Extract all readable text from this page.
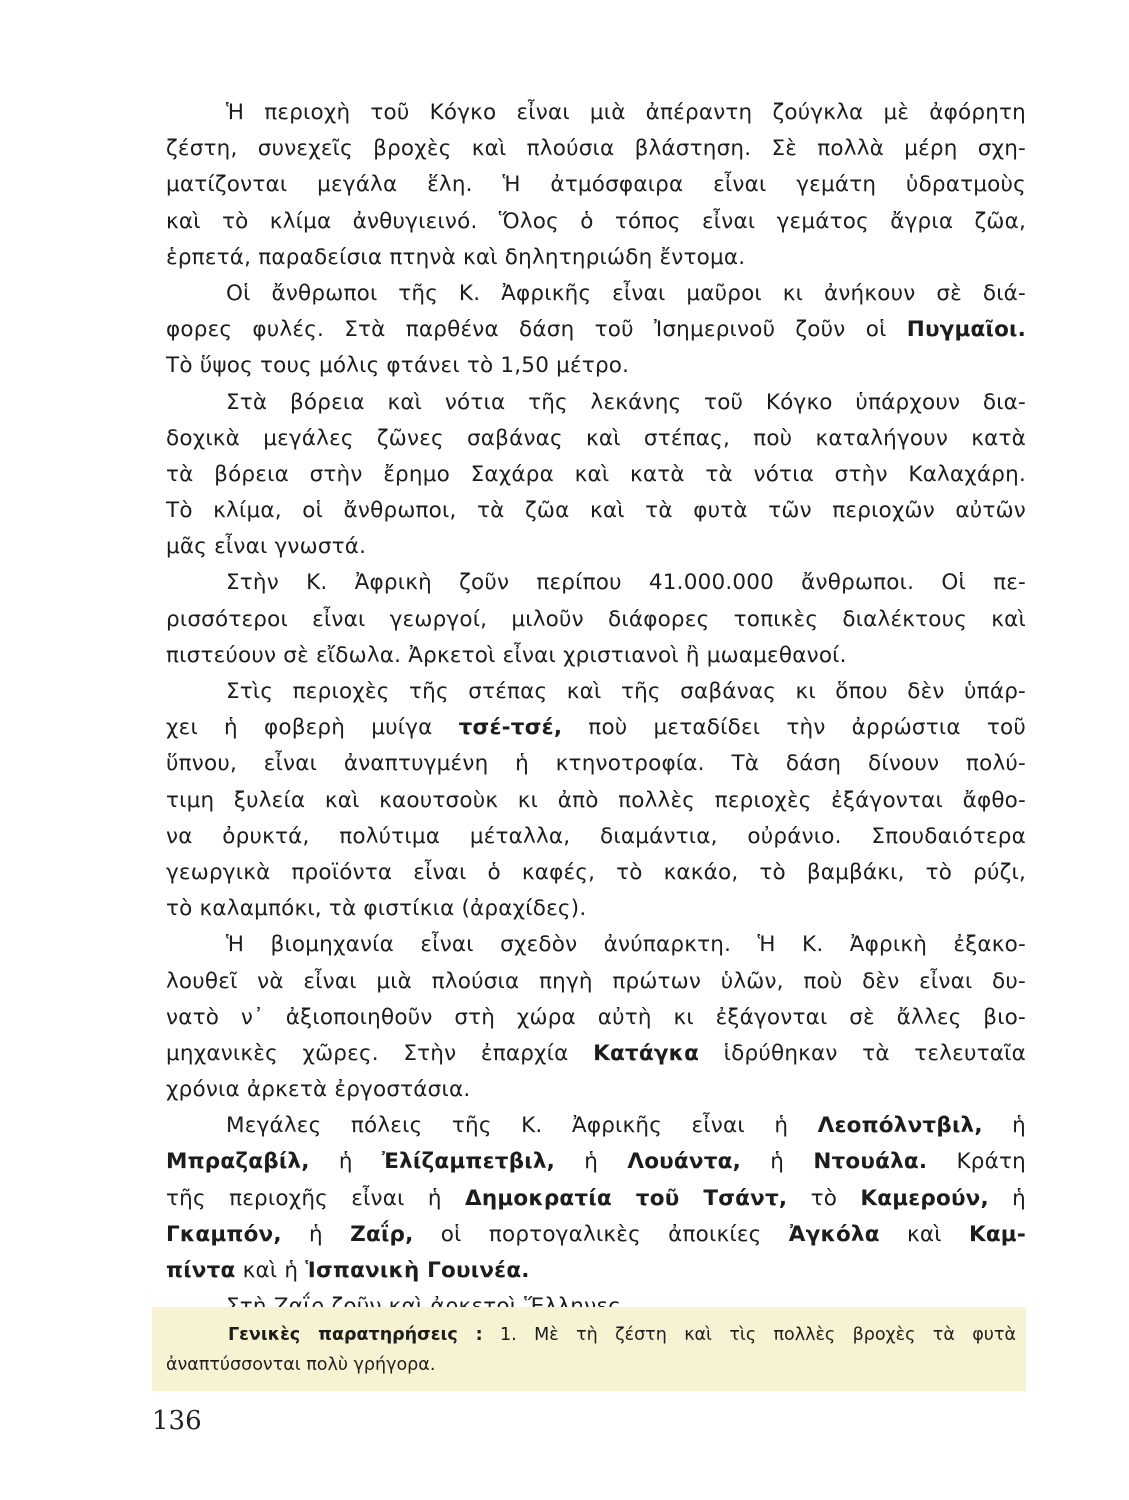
Ἡ περιοχὴ τοῦ Κόγκο εἶναι μιὰ ἀπέραντη ζούγκλα μὲ ἀφόρητη
ζέστη, συνεχεῖς βροχὲς καὶ πλούσια βλάστηση. Σὲ πολλὰ μέρη σχη-
ματίζονται μεγάλα ἕλη. Ἡ ἀτμόσφαιρα εἶναι γεμάτη ὑδρατμοὺς
καὶ τὸ κλίμα ἀνθυγιεινό. Ὅλος ὁ τόπος εἶναι γεμάτος ἄγρια ζῶα,
ἑρπετά, παραδείσια πτηνὰ καὶ δηλητηριώδη ἔντομα.
Οἱ ἄνθρωποι τῆς Κ. Ἀφρικῆς εἶναι μαῦροι κι ἀνήκουν σὲ διά-
φορες φυλές. Στὰ παρθένα δάση τοῦ Ἰσημερινοῦ ζοῦν οἱ Πυγμαῖοι.
Τὸ ὕψος τους μόλις φτάνει τὸ 1,50 μέτρο.
Στὰ βόρεια καὶ νότια τῆς λεκάνης τοῦ Κόγκο ὑπάρχουν δια-
δοχικὰ μεγάλες ζῶνες σαβάνας καὶ στέπας, ποὺ καταλήγουν κατὰ
τὰ βόρεια στὴν ἔρημο Σαχάρα καὶ κατὰ τὰ νότια στὴν Καλαχάρη.
Τὸ κλίμα, οἱ ἄνθρωποι, τὰ ζῶα καὶ τὰ φυτὰ τῶν περιοχῶν αὐτῶν
μᾶς εἶναι γνωστά.
Στὴν Κ. Ἀφρικὴ ζοῦν περίπου 41.000.000 ἄνθρωποι. Οἱ πε-
ρισσότεροι εἶναι γεωργοί, μιλοῦν διάφορες τοπικὲς διαλέκτους καὶ
πιστεύουν σὲ εἴδωλα. Ἀρκετοὶ εἶναι χριστιανοὶ ἢ μωαμεθανοί.
Στὶς περιοχὲς τῆς στέπας καὶ τῆς σαβάνας κι ὅπου δὲν ὑπάρ-
χει ἡ φοβερὴ μυίγα τσέ-τσέ, ποὺ μεταδίδει τὴν ἀρρώστια τοῦ
ὕπνου, εἶναι ἀναπτυγμένη ἡ κτηνοτροφία. Τὰ δάση δίνουν πολύ-
τιμη ξυλεία καὶ καουτσοὺκ κι ἀπὸ πολλὲς περιοχὲς ἐξάγονται ἄφθο-
να ὀρυκτά, πολύτιμα μέταλλα, διαμάντια, οὐράνιο. Σπουδαιότερα
γεωργικὰ προϊόντα εἶναι ὁ καφές, τὸ κακάο, τὸ βαμβάκι, τὸ ρύζι,
τὸ καλαμπόκι, τὰ φιστίκια (ἀραχίδες).
Ἡ βιομηχανία εἶναι σχεδὸν ἀνύπαρκτη. Ἡ Κ. Ἀφρικὴ ἐξακο-
λουθεῖ νὰ εἶναι μιὰ πλούσια πηγὴ πρώτων ὑλῶν, ποὺ δὲν εἶναι δυ-
νατὸ ν᾽ ἀξιοποιηθοῦν στὴ χώρα αὐτὴ κι ἐξάγονται σὲ ἄλλες βιο-
μηχανικὲς χῶρες. Στὴν ἐπαρχία Κατάγκα ἱδρύθηκαν τὰ τελευταῖα
χρόνια ἀρκετὰ ἐργοστάσια.
Μεγάλες πόλεις τῆς Κ. Ἀφρικῆς εἶναι ἡ Λεοπόλντβιλ, ἡ
Μπραζαβίλ, ἡ Ἐλίζαμπετβιλ, ἡ Λουάντα, ἡ Ντουάλα. Κράτη
τῆς περιοχῆς εἶναι ἡ Δημοκρατία τοῦ Τσάντ, τὸ Καμερούν, ἡ
Γκαμπόν, ἡ Ζαΐρ, οἱ πορτογαλικὲς ἀποικίες Ἀγκόλα καὶ Καμ-
πίντα καὶ ἡ Ἱσπανικὴ Γουινέα.
Γενικὲς παρατηρήσεις : 1. Μὲ τὴ ζέστη καὶ τὶς πολλὲς βροχὲς τὰ φυτὰ
ἀναπτύσσονται πολὺ γρήγορα.
136
